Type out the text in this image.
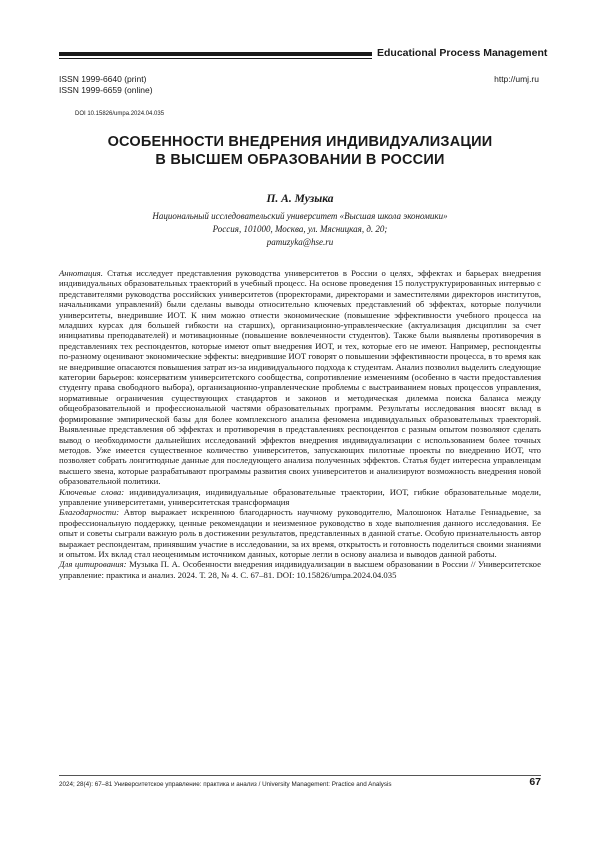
Educational Process Management
ISSN 1999-6640 (print)
ISSN 1999-6659 (online)
http://umj.ru
DOI 10.15826/umpa.2024.04.035
ОСОБЕННОСТИ ВНЕДРЕНИЯ ИНДИВИДУАЛИЗАЦИИ
В ВЫСШЕМ ОБРАЗОВАНИИ В РОССИИ
П. А. Музыка
Национальный исследовательский университет «Высшая школа экономики»
Россия, 101000, Москва, ул. Мясницкая, д. 20;
pamuzyka@hse.ru

Аннотация. Статья исследует представления руководства университетов в России о целях, эффектах и барьерах внедрения индивидуальных образовательных траекторий в учебный процесс. На основе проведения 15 полуструктурированных интервью с представителями руководства российских университетов (проректорами, директорами и заместителями директоров институтов, начальниками управлений) были сделаны выводы относительно ключевых представлений об эффектах, которые получили университеты, внедрившие ИОТ. К ним можно отнести экономические (повышение эффективности учебного процесса на младших курсах для большей гибкости на старших), организационно-управленческие (актуализация дисциплин за счет инициативы преподавателей) и мотивационные (повышение вовлеченности студентов). Также были выявлены противоречия в представлениях тех респондентов, которые имеют опыт внедрения ИОТ, и тех, которые его не имеют. Например, респонденты по-разному оценивают экономические эффекты: внедрившие ИОТ говорят о повышении эффективности процесса, в то время как не внедрившие опасаются повышения затрат из-за индивидуального подхода к студентам. Анализ позволил выделить следующие категории барьеров: консерватизм университетского сообщества, сопротивление изменениям (особенно в части предоставления студенту права свободного выбора), организационно-управленческие проблемы с выстраиванием новых процессов управления, нормативные ограничения существующих стандартов и законов и методическая дилемма поиска баланса между общеобразовательной и профессиональной частями образовательных программ. Результаты исследования вносят вклад в формирование эмпирической базы для более комплексного анализа феномена индивидуальных образовательных траекторий. Выявленные представления об эффектах и противоречия в представлениях респондентов с разным опытом позволяют сделать вывод о необходимости дальнейших исследований эффектов внедрения индивидуализации с использованием более точных методов. Уже имеется существенное количество университетов, запускающих пилотные проекты по внедрению ИОТ, что позволяет собрать лонгитюдные данные для последующего анализа полученных эффектов. Статья будет интересна управленцам высшего звена, которые разрабатывают программы развития своих университетов и анализируют возможность внедрения новой образовательной политики.

Ключевые слова: индивидуализация, индивидуальные образовательные траектории, ИОТ, гибкие образовательные модели, управление университетами, университетская трансформация

Благодарности: Автор выражает искреннюю благодарность научному руководителю, Малошонок Наталье Геннадьевне, за профессиональную поддержку, ценные рекомендации и неизменное руководство в ходе выполнения данного исследования. Ее опыт и советы сыграли важную роль в достижении результатов, представленных в данной статье. Особую признательность автор выражает респондентам, принявшим участие в исследовании, за их время, открытость и готовность поделиться своими знаниями и опытом. Их вклад стал неоценимым источником данных, которые легли в основу анализа и выводов данной работы.

Для цитирования: Музыка П. А. Особенности внедрения индивидуализации в высшем образовании в России // Университетское управление: практика и анализ. 2024. Т. 28, № 4. С. 67–81. DOI: 10.15826/umpa.2024.04.035

2024; 28(4): 67–81 Университетское управление: практика и анализ / University Management: Practice and Analysis	67
